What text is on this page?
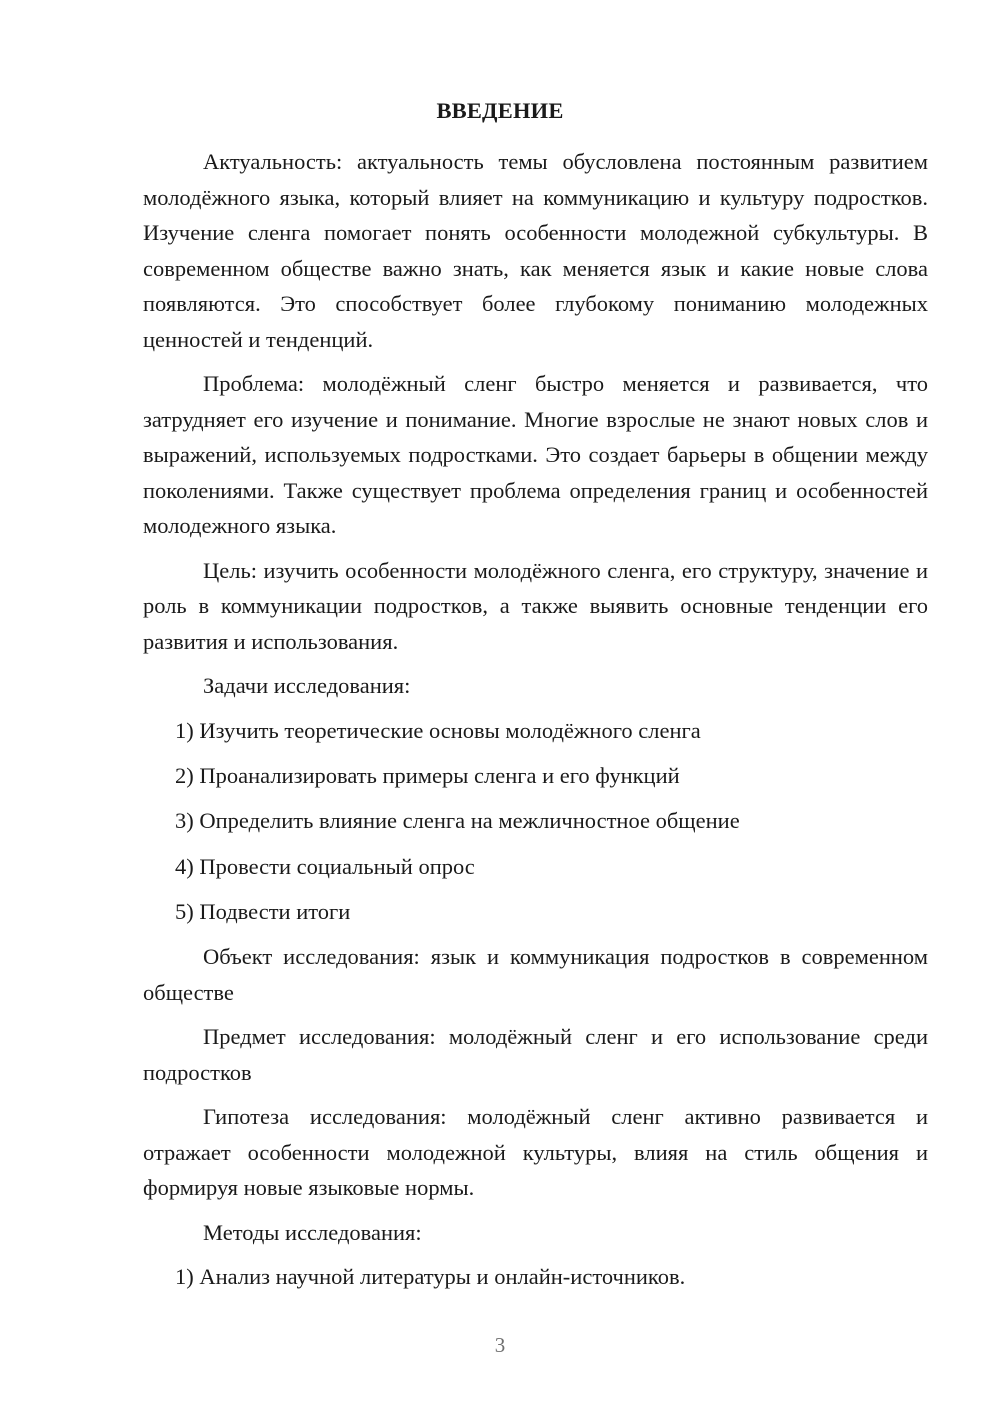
ВВЕДЕНИЕ

Актуальность: актуальность темы обусловлена постоянным развитием молодёжного языка, который влияет на коммуникацию и культуру подростков. Изучение сленга помогает понять особенности молодежной субкультуры. В современном обществе важно знать, как меняется язык и какие новые слова появляются. Это способствует более глубокому пониманию молодежных ценностей и тенденций.

Проблема: молодёжный сленг быстро меняется и развивается, что затрудняет его изучение и понимание. Многие взрослые не знают новых слов и выражений, используемых подростками. Это создает барьеры в общении между поколениями. Также существует проблема определения границ и особенностей молодежного языка.

Цель: изучить особенности молодёжного сленга, его структуру, значение и роль в коммуникации подростков, а также выявить основные тенденции его развития и использования.

Задачи исследования:

1) Изучить теоретические основы молодёжного сленга

2) Проанализировать примеры сленга и его функций

3) Определить влияние сленга на межличностное общение

4) Провести социальный опрос

5) Подвести итоги

Объект исследования: язык и коммуникация подростков в современном обществе

Предмет исследования: молодёжный сленг и его использование среди подростков

Гипотеза исследования: молодёжный сленг активно развивается и отражает особенности молодежной культуры, влияя на стиль общения и формируя новые языковые нормы.

Методы исследования:

1) Анализ научной литературы и онлайн-источников.

3
